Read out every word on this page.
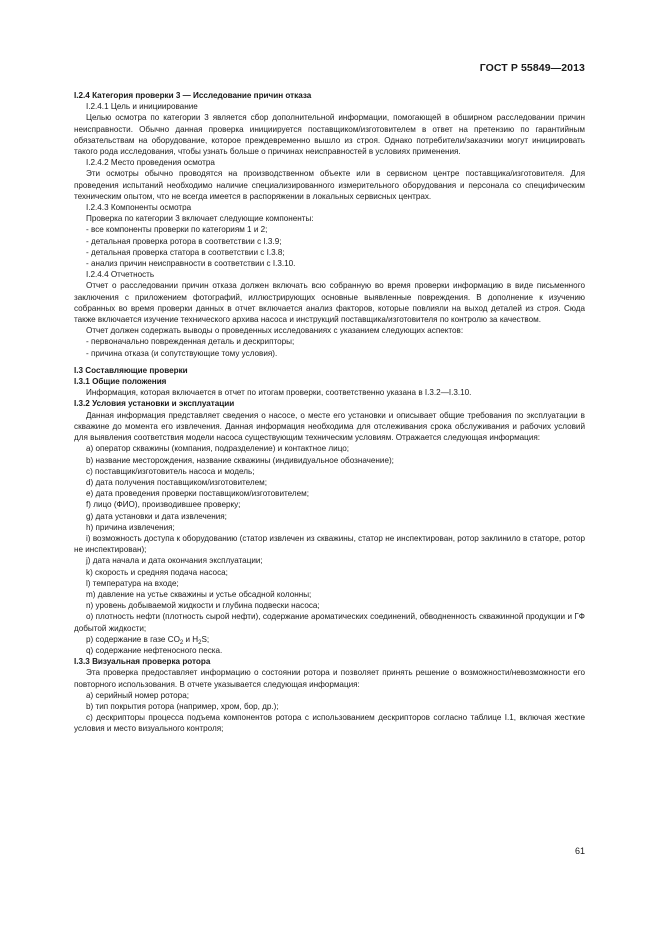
ГОСТ Р 55849—2013

I.2.4 Категория проверки 3 — Исследование причин отказа

I.2.4.1 Цель и инициирование

Целью осмотра по категории 3 является сбор дополнительной информации, помогающей в обширном расследовании причин неисправности. Обычно данная проверка инициируется поставщиком/изготовителем в ответ на претензию по гарантийным обязательствам на оборудование, которое преждевременно вышло из строя. Однако потребители/заказчики могут инициировать такого рода исследования, чтобы узнать больше о причинах неисправностей в условиях применения.

I.2.4.2 Место проведения осмотра

Эти осмотры обычно проводятся на производственном объекте или в сервисном центре поставщика/изготовителя. Для проведения испытаний необходимо наличие специализированного измерительного оборудования и персонала со специфическим техническим опытом, что не всегда имеется в распоряжении в локальных сервисных центрах.

I.2.4.3 Компоненты осмотра

Проверка по категории 3 включает следующие компоненты:

- все компоненты проверки по категориям 1 и 2;

- детальная проверка ротора в соответствии с I.3.9;

- детальная проверка статора в соответствии с I.3.8;

- анализ причин неисправности в соответствии с I.3.10.

I.2.4.4 Отчетность

Отчет о расследовании причин отказа должен включать всю собранную во время проверки информацию в виде письменного заключения с приложением фотографий, иллюстрирующих основные выявленные повреждения. В дополнение к изучению собранных во время проверки данных в отчет включается анализ факторов, которые повлияли на выход деталей из строя. Сюда также включается изучение технического архива насоса и инструкций поставщика/изготовителя по контролю за качеством.

Отчет должен содержать выводы о проведенных исследованиях с указанием следующих аспектов:

- первоначально поврежденная деталь и дескрипторы;

- причина отказа (и сопутствующие тому условия).

I.3 Составляющие проверки

I.3.1 Общие положения

Информация, которая включается в отчет по итогам проверки, соответственно указана в I.3.2—I.3.10.

I.3.2 Условия установки и эксплуатации

Данная информация представляет сведения о насосе, о месте его установки и описывает общие требования по эксплуатации в скважине до момента его извлечения. Данная информация необходима для отслеживания срока обслуживания и рабочих условий для выявления соответствия модели насоса существующим техническим условиям. Отражается следующая информация:

a) оператор скважины (компания, подразделение) и контактное лицо;

b) название месторождения, название скважины (индивидуальное обозначение);

c) поставщик/изготовитель насоса и модель;

d) дата получения поставщиком/изготовителем;

e) дата проведения проверки поставщиком/изготовителем;

f) лицо (ФИО), производившее проверку;

g) дата установки и дата извлечения;

h) причина извлечения;

i) возможность доступа к оборудованию (статор извлечен из скважины, статор не инспектирован, ротор заклинило в статоре, ротор не инспектирован);

j) дата начала и дата окончания эксплуатации;

k) скорость и средняя подача насоса;

l) температура на входе;

m) давление на устье скважины и устье обсадной колонны;

n) уровень добываемой жидкости и глубина подвески насоса;

o) плотность нефти (плотность сырой нефти), содержание ароматических соединений, обводненность скважинной продукции и ГФ добытой жидкости;

p) содержание в газе $CO_2$ и $H_2S$;

q) содержание нефтеносного песка.

I.3.3 Визуальная проверка ротора

Эта проверка предоставляет информацию о состоянии ротора и позволяет принять решение о возможности/невозможности его повторного использования. В отчете указывается следующая информация:

a) серийный номер ротора;

b) тип покрытия ротора (например, хром, бор, др.);

c) дескрипторы процесса подъема компонентов ротора с использованием дескрипторов согласно таблице I.1, включая жесткие условия и место визуального контроля;

61
